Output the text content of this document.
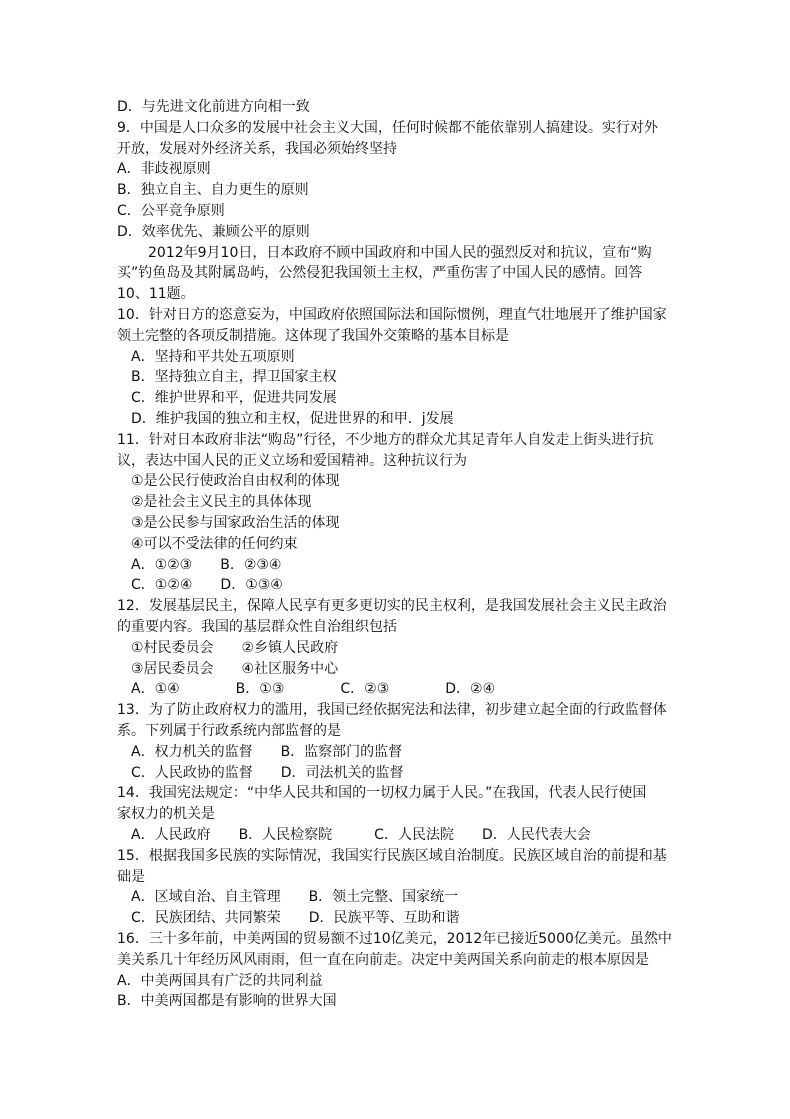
D．与先进文化前进方向相一致
9．中国是人口众多的发展中社会主义大国，任何时候都不能依靠别人搞建设。实行对外
开放，发展对外经济关系，我国必须始终坚持
A．非歧视原则
B．独立自主、自力更生的原则
C．公平竞争原则
D．效率优先、兼顾公平的原则
2012年9月10日，日本政府不顾中国政府和中国人民的强烈反对和抗议，宣布“购
买”钓鱼岛及其附属岛屿，公然侵犯我国领土主权，严重伤害了中国人民的感情。回答
10、11题。
10．针对日方的恣意妄为，中国政府依照国际法和国际惯例，理直气壮地展开了维护国家
领土完整的各项反制措施。这体现了我国外交策略的基本目标是
A．坚持和平共处五项原则
B．坚持独立自主，捍卫国家主权
C．维护世界和平，促进共同发展
D．维护我国的独立和主权，促进世界的和甲．j发展
11．针对日本政府非法“购岛”行径，不少地方的群众尤其足青年人自发走上街头进行抗
议，表达中国人民的正义立场和爱国精神。这种抗议行为
①是公民行使政治自由权利的体现
②是社会主义民主的具体体现
③是公民参与国家政治生活的体现
④可以不受法律的任何约束
A．①②③　　B．②③④
C．①②④　　D．①③④
12．发展基层民主，保障人民享有更多更切实的民主权利，是我国发展社会主义民主政治
的重要内容。我国的基层群众性自治组织包括
①村民委员会　　②乡镇人民政府
③居民委员会　　④社区服务中心
A．①④　　　　B．①③　　　　C．②③　　　　D．②④
13．为了防止政府权力的滥用，我国已经依据宪法和法律，初步建立起全面的行政监督体
系。下列属于行政系统内部监督的是
A．权力机关的监督　　B．监察部门的监督
C．人民政协的监督　　D．司法机关的监督
14．我国宪法规定：“中华人民共和国的一切权力属于人民。”在我国，代表人民行使国
家权力的机关是
A．人民政府　　B．人民检察院　　　C．人民法院　　D．人民代表大会
15．根据我国多民族的实际情况，我国实行民族区域自治制度。民族区域自治的前提和基
础是
A．区域自治、自主管理　　B．领土完整、国家统一
C．民族团结、共同繁荣　　D．民族平等、互助和谐
16．三十多年前，中美两国的贸易额不过10亿美元，2012年已接近5000亿美元。虽然中
美关系几十年经历风风雨雨，但一直在向前走。决定中美两国关系向前走的根本原因是
A．中美两国具有广泛的共同利益
B．中美两国都是有影响的世界大国
